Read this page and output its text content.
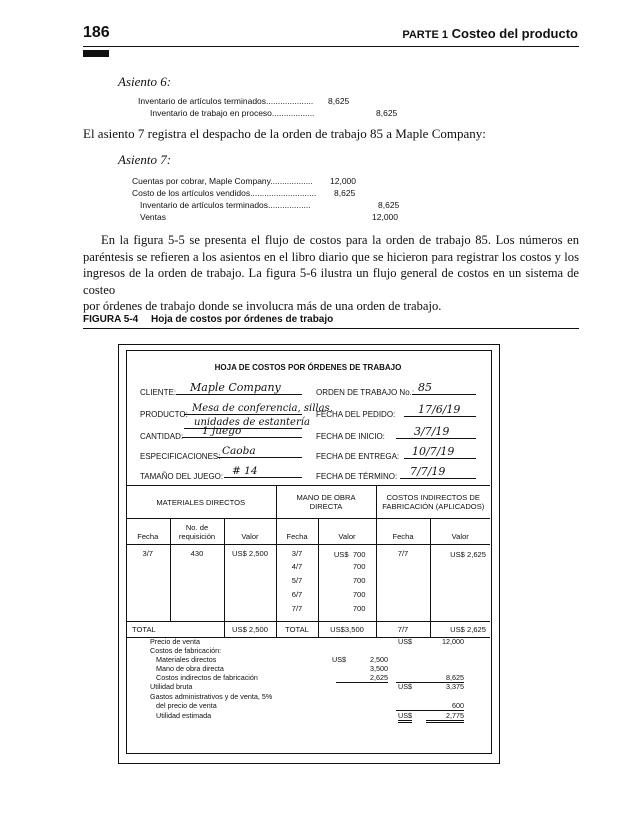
186	PARTE 1 Costeo del producto
Asiento 6:
Inventario de artículos terminados.................... 8,625
Inventario de trabajo en proceso..................	8,625
El asiento 7 registra el despacho de la orden de trabajo 85 a Maple Company:
Asiento 7:
Cuentas por cobrar, Maple Company.................. 12,000
Costo de los artículos vendidos............................ 8,625
Inventario de artículos terminados..................	8,625
Ventas	12,000
En la figura 5-5 se presenta el flujo de costos para la orden de trabajo 85. Los números en
paréntesis se refieren a los asientos en el libro diario que se hicieron para registrar los costos y los
ingresos de la orden de trabajo. La figura 5-6 ilustra un flujo general de costos en un sistema de costeo
por órdenes de trabajo donde se involucra más de una orden de trabajo.
FIGURA 5-4 Hoja de costos por órdenes de trabajo
HOJA DE COSTOS POR ÓRDENES DE TRABAJO
CLIENTE:	Maple Company	ORDEN DE TRABAJO No.: 85
PRODUCTO:
Mesa de conferencia, sillas,
unidades de estantería
FECHA DEL PEDIDO:	17/6/19
CANTIDAD:	1 juego	FECHA DE INICIO:	3/7/19
ESPECIFICACIONES: Caoba	FECHA DE ENTREGA:	10/7/19
TAMAÑO DEL JUEGO: # 14	FECHA DE TÉRMINO:	7/7/19
MATERIALES DIRECTOS			MANO DE OBRA DIRECTA		COSTOS INDIRECTOS DE FABRICACIÓN (APLICADOS)	
Fecha	No. de requisición	Valor	Fecha	Valor	Fecha	Valor
3/7	430	US$ 2,500	3/7	US$  700	7/7	US$ 2,625
			4/7	700		
			5/7	700		
			6/7	700		
			7/7	700		

TOTAL		US$ 2,500	TOTAL	US$3,500	7/7	US$ 2,625
Precio de venta	US$	12,000
Costos de fabricación:
Materiales directos	US$	2,500
Mano de obra directa	3,500
Costos indirectos de fabricación	2,625	8,625
Utilidad bruta	US$	3,375
Gastos administrativos y de venta, 5%
del precio de venta	600
Utilidad estimada	US$	2,775
